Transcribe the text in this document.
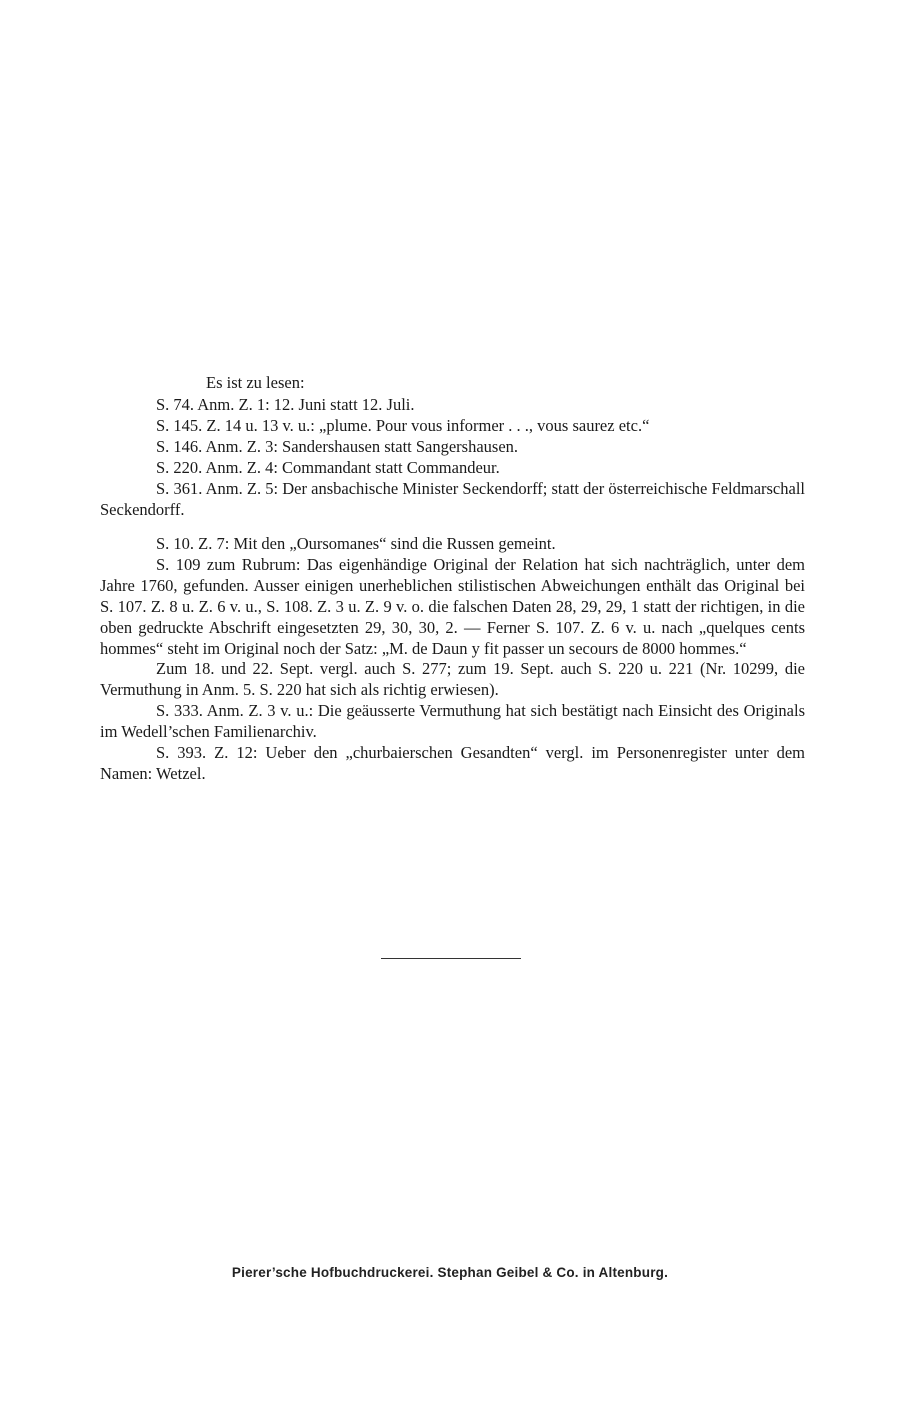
Es ist zu lesen:

S. 74. Anm. Z. 1: 12. Juni statt 12. Juli.

S. 145. Z. 14 u. 13 v. u.: „plume. Pour vous informer . . ., vous saurez etc.“

S. 146. Anm. Z. 3: Sandershausen statt Sangershausen.

S. 220. Anm. Z. 4: Commandant statt Commandeur.

S. 361. Anm. Z. 5: Der ansbachische Minister Seckendorff; statt der österreichische Feldmarschall Seckendorff.

S. 10. Z. 7: Mit den „Oursomanes“ sind die Russen gemeint.

S. 109 zum Rubrum: Das eigenhändige Original der Relation hat sich nachträglich, unter dem Jahre 1760, gefunden. Ausser einigen unerheblichen stilistischen Abweichungen enthält das Original bei S. 107. Z. 8 u. Z. 6 v. u., S. 108. Z. 3 u. Z. 9 v. o. die falschen Daten 28, 29, 29, 1 statt der richtigen, in die oben gedruckte Abschrift eingesetzten 29, 30, 30, 2. — Ferner S. 107. Z. 6 v. u. nach „quelques cents hommes“ steht im Original noch der Satz: „M. de Daun y fit passer un secours de 8000 hommes.“

Zum 18. und 22. Sept. vergl. auch S. 277; zum 19. Sept. auch S. 220 u. 221 (Nr. 10299, die Vermuthung in Anm. 5. S. 220 hat sich als richtig erwiesen).

S. 333. Anm. Z. 3 v. u.: Die geäusserte Vermuthung hat sich bestätigt nach Einsicht des Originals im Wedell’schen Familienarchiv.

S. 393. Z. 12: Ueber den „churbaierschen Gesandten“ vergl. im Personenregister unter dem Namen: Wetzel.

Pierer’sche Hofbuchdruckerei. Stephan Geibel & Co. in Altenburg.
